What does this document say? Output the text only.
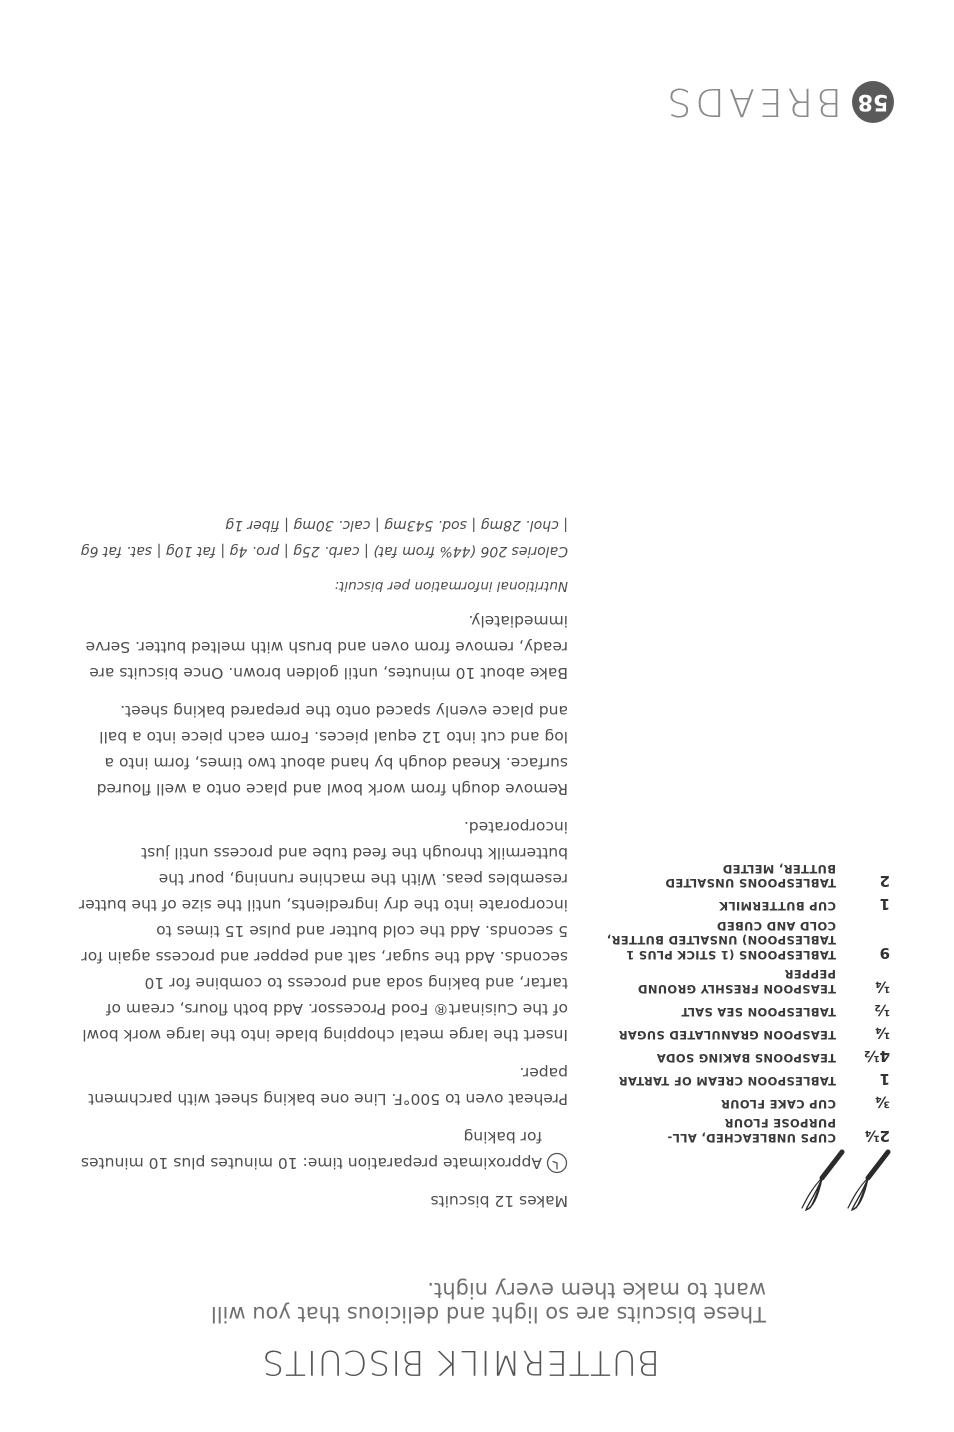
BUTTERMILK BISCUITS
These biscuits are so light and delicious that you will want to make them every night.
2¼
CUPS UNBLEACHED, ALL-PURPOSE FLOUR
¾
CUP CAKE FLOUR
1
TABLESPOON CREAM OF TARTAR
4½
TEASPOONS BAKING SODA
¼
TEASPOON GRANULATED SUGAR
½
TABLESPOON SEA SALT
¼
TEASPOON FRESHLY GROUND PEPPER
9
TABLESPOONS (1 STICK PLUS 1 TABLESPOON) UNSALTED BUTTER, COLD AND CUBED
1
CUP BUTTERMILK
2
TABLESPOONS UNSALTED BUTTER, MELTED

Makes 12 biscuits

Approximate preparation time: 10 minutes plus 10 minutes for baking

Preheat oven to 500°F. Line one baking sheet with parchment paper.

Insert the large metal chopping blade into the large work bowl of the Cuisinart® Food Processor. Add both flours, cream of tartar, and baking soda and process to combine for 10 seconds. Add the sugar, salt and pepper and process again for 5 seconds. Add the cold butter and pulse 15 times to incorporate into the dry ingredients, until the size of the butter resembles peas. With the machine running, pour the buttermilk through the feed tube and process until just incorporated.

Remove dough from work bowl and place onto a well floured surface. Knead dough by hand about two times, form into a log and cut into 12 equal pieces. Form each piece into a ball and place evenly spaced onto the prepared baking sheet.

Bake about 10 minutes, until golden brown. Once biscuits are ready, remove from oven and brush with melted butter. Serve immediately.

Nutritional information per biscuit:

Calories 206 (44% from fat) | carb. 25g | pro. 4g | fat 10g | sat. fat 6g | chol. 28mg | sod. 543mg | calc. 30mg | fiber 1g

58
BREADS
